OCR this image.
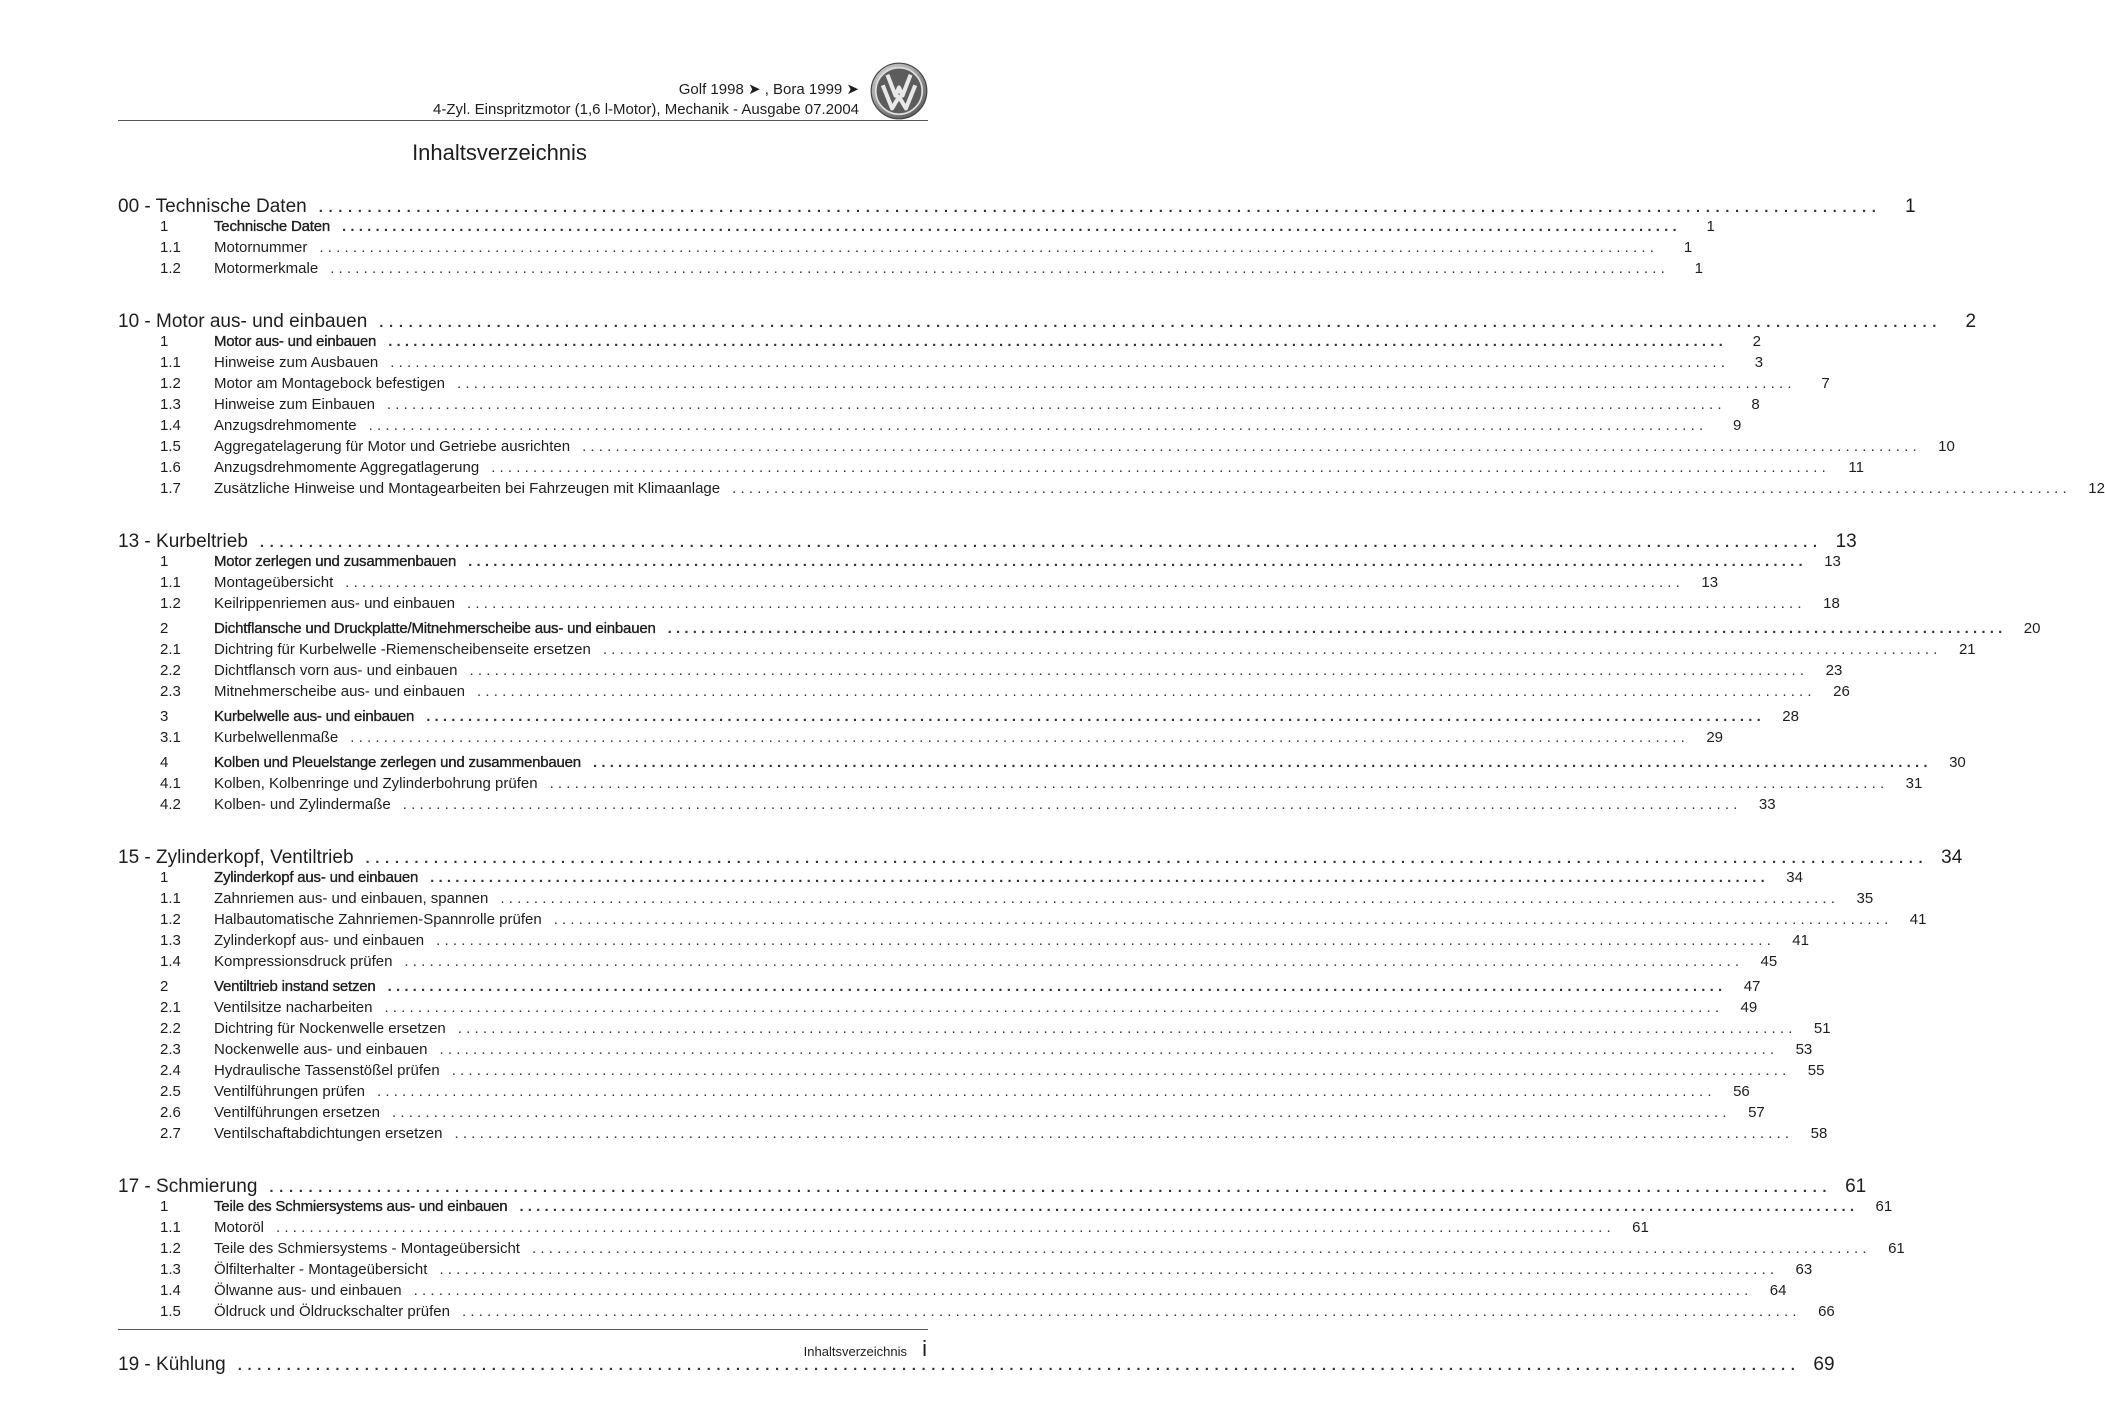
Golf 1998 ➤ , Bora 1999 ➤
4-Zyl. Einspritzmotor (1,6 l-Motor), Mechanik - Ausgabe 07.2004
Inhaltsverzeichnis
00 - Technische Daten ................................................................................................................................................................	1
1	Technische Daten ................................................................................................................................................................	1
1.1	Motornummer ................................................................................................................................................................	1
1.2	Motormerkmale ................................................................................................................................................................	1
10 - Motor aus- und einbauen ................................................................................................................................................................	2
1	Motor aus- und einbauen ................................................................................................................................................................	2
1.1	Hinweise zum Ausbauen ................................................................................................................................................................	3
1.2	Motor am Montagebock befestigen ................................................................................................................................................................	7
1.3	Hinweise zum Einbauen ................................................................................................................................................................	8
1.4	Anzugsdrehmomente ................................................................................................................................................................	9
1.5	Aggregatelagerung für Motor und Getriebe ausrichten ................................................................................................................................................................	10
1.6	Anzugsdrehmomente Aggregatlagerung ................................................................................................................................................................	11
1.7	Zusätzliche Hinweise und Montagearbeiten bei Fahrzeugen mit Klimaanlage ................................................................................................................................................................	12
13 - Kurbeltrieb ................................................................................................................................................................ 13
1	Motor zerlegen und zusammenbauen ................................................................................................................................................................	13
1.1	Montageübersicht ................................................................................................................................................................	13
1.2	Keilrippenriemen aus- und einbauen ................................................................................................................................................................	18
2	Dichtflansche und Druckplatte/Mitnehmerscheibe aus- und einbauen ................................................................................................................................................................	20
2.1	Dichtring für Kurbelwelle -Riemenscheibenseite ersetzen ................................................................................................................................................................	21
2.2	Dichtflansch vorn aus- und einbauen ................................................................................................................................................................	23
2.3	Mitnehmerscheibe aus- und einbauen ................................................................................................................................................................	26
3	Kurbelwelle aus- und einbauen ................................................................................................................................................................	28
3.1	Kurbelwellenmaße ................................................................................................................................................................	29
4	Kolben und Pleuelstange zerlegen und zusammenbauen ................................................................................................................................................................	30
4.1	Kolben, Kolbenringe und Zylinderbohrung prüfen ................................................................................................................................................................	31
4.2	Kolben- und Zylindermaße ................................................................................................................................................................	33
15 - Zylinderkopf, Ventiltrieb ................................................................................................................................................................ 34
1	Zylinderkopf aus- und einbauen ................................................................................................................................................................	34
1.1	Zahnriemen aus- und einbauen, spannen ................................................................................................................................................................	35
1.2	Halbautomatische Zahnriemen-Spannrolle prüfen ................................................................................................................................................................	41
1.3	Zylinderkopf aus- und einbauen ................................................................................................................................................................	41
1.4	Kompressionsdruck prüfen ................................................................................................................................................................	45
2	Ventiltrieb instand setzen ................................................................................................................................................................	47
2.1	Ventilsitze nacharbeiten ................................................................................................................................................................	49
2.2	Dichtring für Nockenwelle ersetzen ................................................................................................................................................................	51
2.3	Nockenwelle aus- und einbauen ................................................................................................................................................................	53
2.4	Hydraulische Tassenstößel prüfen ................................................................................................................................................................	55
2.5	Ventilführungen prüfen ................................................................................................................................................................	56
2.6	Ventilführungen ersetzen ................................................................................................................................................................	57
2.7	Ventilschaftabdichtungen ersetzen ................................................................................................................................................................	58
17 - Schmierung ................................................................................................................................................................ 61
1	Teile des Schmiersystems aus- und einbauen ................................................................................................................................................................	61
1.1	Motoröl ................................................................................................................................................................	61
1.2	Teile des Schmiersystems - Montageübersicht ................................................................................................................................................................	61
1.3	Ölfilterhalter - Montageübersicht ................................................................................................................................................................	63
1.4	Ölwanne aus- und einbauen ................................................................................................................................................................	64
1.5	Öldruck und Öldruckschalter prüfen ................................................................................................................................................................	66
19 - Kühlung ................................................................................................................................................................ 69
Inhaltsverzeichnis i
